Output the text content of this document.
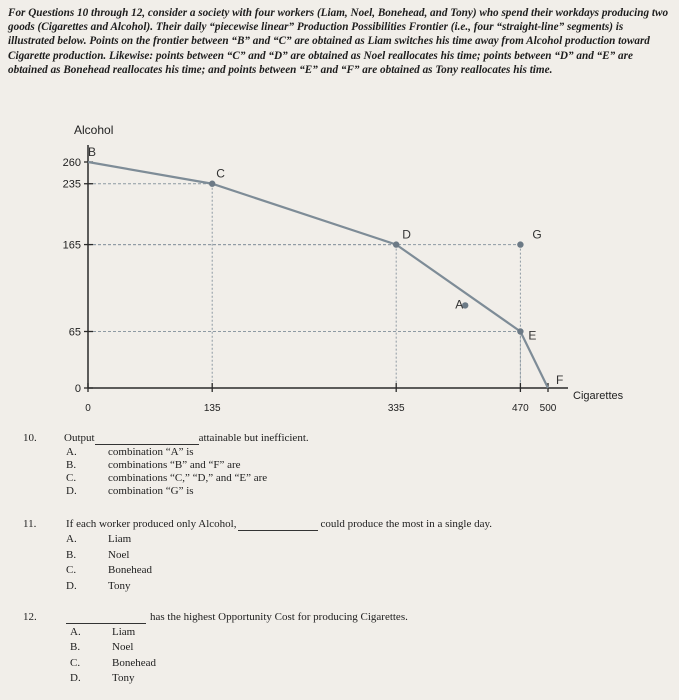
For Questions 10 through 12, consider a society with four workers (Liam, Noel, Bonehead, and Tony) who spend their workdays producing two goods (Cigarettes and Alcohol). Their daily “piecewise linear” Production Possibilities Frontier (i.e., four “straight-line” segments) is illustrated below. Points on the frontier between “B” and “C” are obtained as Liam switches his time away from Alcohol production toward Cigarette production. Likewise: points between “C” and “D” are obtained as Noel reallocates his time; points between “D” and “E” are obtained as Bonehead reallocates his time; and points between “E” and “F” are obtained as Tony reallocates his time.
Alcohol
Cigarettes
0
65
165
235
260
0	135	335	470 500
B
C
D
E
F
G
A
10. Output	attainable but inefficient.
A.	combination “A” is
B.	combinations “B” and “F” are
C.	combinations “C,” “D,” and “E” are
D.	combination “G” is
11.	If each worker produced only Alcohol,	could produce the most in a single day.
A.	Liam
B.	Noel
C.	Bonehead
D.	Tony
12.	has the highest Opportunity Cost for producing Cigarettes.
A.	Liam
B.	Noel
C.	Bonehead
D.	Tony
